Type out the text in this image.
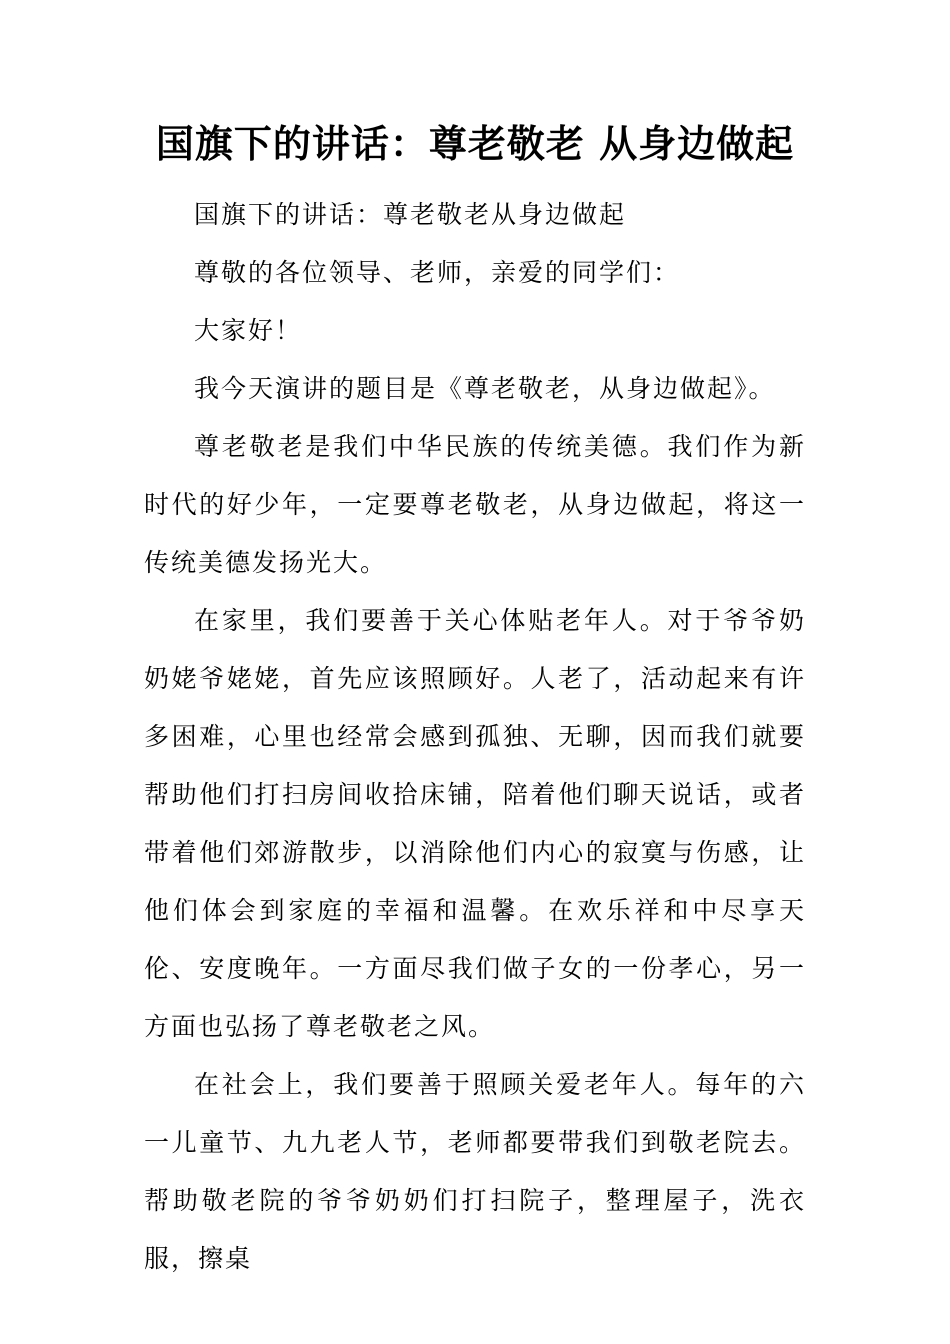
国旗下的讲话：尊老敬老 从身边做起

国旗下的讲话：尊老敬老从身边做起

尊敬的各位领导、老师，亲爱的同学们：

大家好！

我今天演讲的题目是《尊老敬老，从身边做起》。

尊老敬老是我们中华民族的传统美德。我们作为新时代的好少年，一定要尊老敬老，从身边做起，将这一传统美德发扬光大。

在家里，我们要善于关心体贴老年人。对于爷爷奶奶姥爷姥姥，首先应该照顾好。人老了，活动起来有许多困难，心里也经常会感到孤独、无聊，因而我们就要帮助他们打扫房间收拾床铺，陪着他们聊天说话，或者带着他们郊游散步，以消除他们内心的寂寞与伤感，让他们体会到家庭的幸福和温馨。在欢乐祥和中尽享天伦、安度晚年。一方面尽我们做子女的一份孝心，另一方面也弘扬了尊老敬老之风。

在社会上，我们要善于照顾关爱老年人。每年的六一儿童节、九九老人节，老师都要带我们到敬老院去。帮助敬老院的爷爷奶奶们打扫院子，整理屋子，洗衣服，擦桌
